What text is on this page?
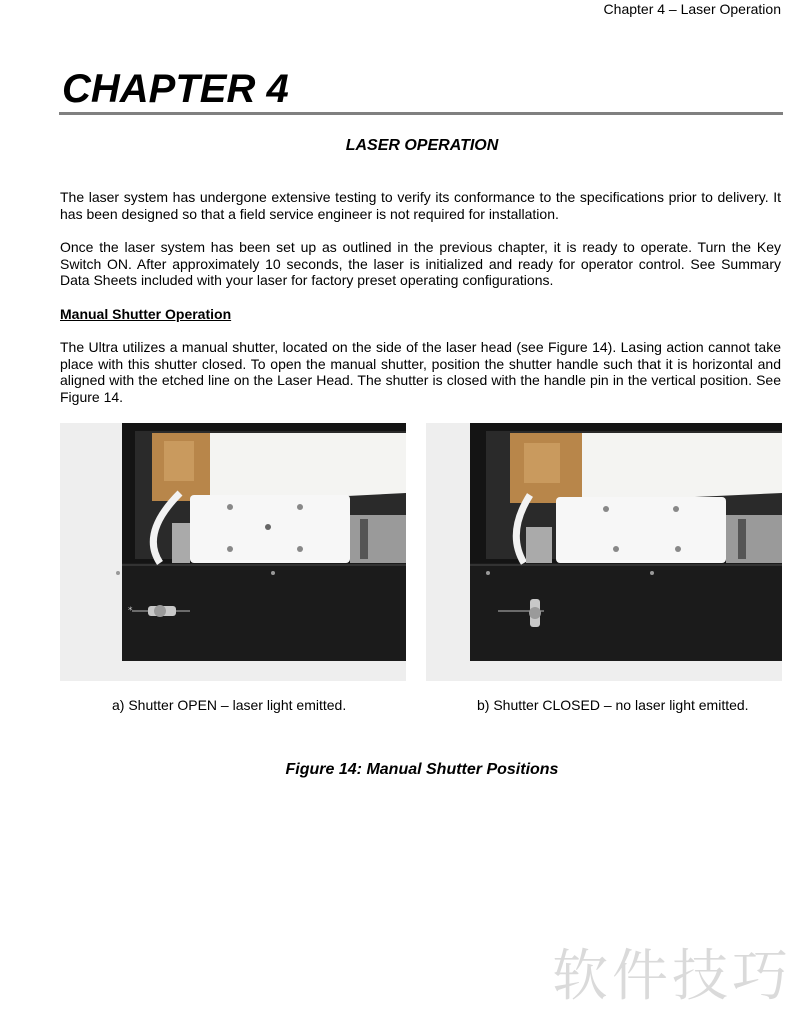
Chapter 4 – Laser Operation
CHAPTER 4
LASER OPERATION

The laser system has undergone extensive testing to verify its conformance to the specifications prior to delivery. It has been designed so that a field service engineer is not required for installation.

Once the laser system has been set up as outlined in the previous chapter, it is ready to operate. Turn the Key Switch ON. After approximately 10 seconds, the laser is initialized and ready for operator control. See Summary Data Sheets included with your laser for factory preset operating configurations.

Manual Shutter Operation

The Ultra utilizes a manual shutter, located on the side of the laser head (see Figure 14). Lasing action cannot take place with this shutter closed. To open the manual shutter, position the shutter handle such that it is horizontal and aligned with the etched line on the Laser Head. The shutter is closed with the handle pin in the vertical position. See Figure 14.

*
a) Shutter OPEN – laser light emitted.	b) Shutter CLOSED – no laser light emitted.
Figure 14: Manual Shutter Positions
软件技巧
